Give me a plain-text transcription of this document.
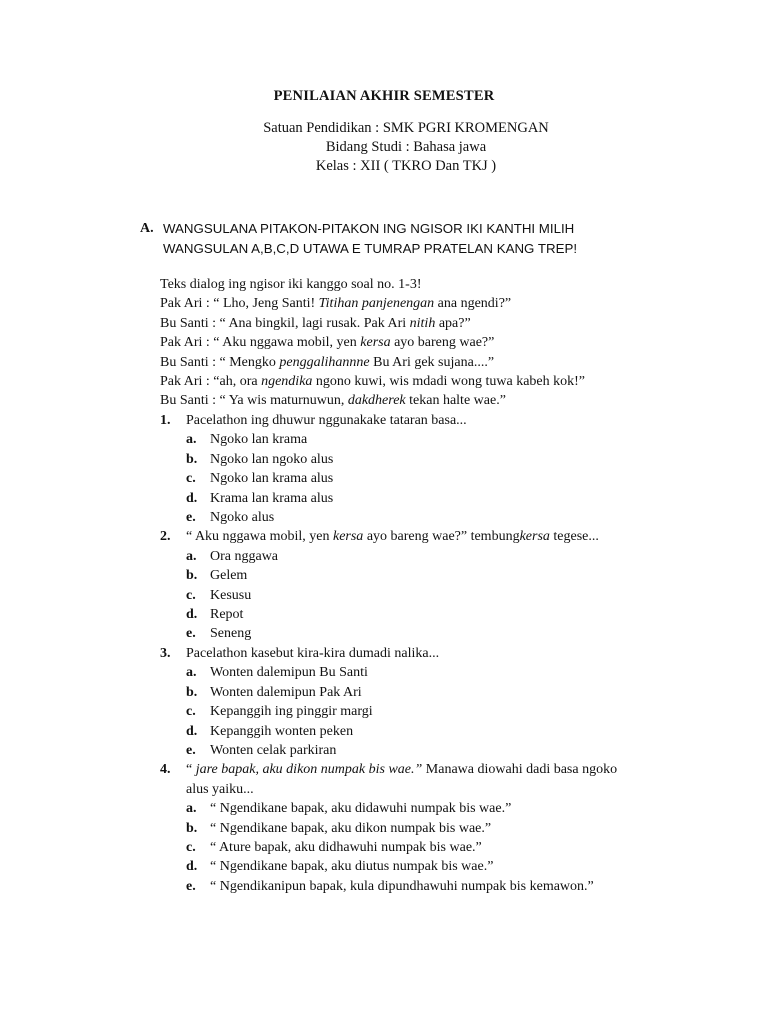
PENILAIAN AKHIR SEMESTER
Satuan Pendidikan : SMK PGRI KROMENGAN
Bidang Studi : Bahasa jawa
Kelas : XII ( TKRO Dan TKJ )
A. WANGSULANA PITAKON-PITAKON ING NGISOR IKI KANTHI MILIH
WANGSULAN A,B,C,D UTAWA E TUMRAP PRATELAN KANG TREP!
Teks dialog ing ngisor iki kanggo soal no. 1-3!
Pak Ari : “ Lho, Jeng Santi! Titihan panjenengan ana ngendi?”
Bu Santi : “ Ana bingkil, lagi rusak. Pak Ari nitih apa?”
Pak Ari : “ Aku nggawa mobil, yen kersa ayo bareng wae?”
Bu Santi : “ Mengko penggalihannne Bu Ari gek sujana....”
Pak Ari : “ah, ora ngendika ngono kuwi, wis mdadi wong tuwa kabeh kok!”
Bu Santi : “ Ya wis maturnuwun, dakdherek tekan halte wae.”
1.	Pacelathon ing dhuwur nggunakake tataran basa...
a. Ngoko lan krama
b. Ngoko lan ngoko alus
c.	Ngoko lan krama alus
d. Krama lan krama alus
e.	Ngoko alus
2.	“ Aku nggawa mobil, yen kersa ayo bareng wae?” tembungkersa tegese...
a. Ora nggawa
b. Gelem
c.	Kesusu
d. Repot
e.	Seneng
3.	Pacelathon kasebut kira-kira dumadi nalika...
a. Wonten dalemipun Bu Santi
b. Wonten dalemipun Pak Ari
c.	Kepanggih ing pinggir margi
d. Kepanggih wonten peken
e.	Wonten celak parkiran
4.	“ jare bapak, aku dikon numpak bis wae.” Manawa diowahi dadi basa ngoko
alus yaiku...
a. “ Ngendikane bapak, aku didawuhi numpak bis wae.”
b. “ Ngendikane bapak, aku dikon numpak bis wae.”
c.	“ Ature bapak, aku didhawuhi numpak bis wae.”
d. “ Ngendikane bapak, aku diutus numpak bis wae.”
e.	“ Ngendikanipun bapak, kula dipundhawuhi numpak bis kemawon.”
